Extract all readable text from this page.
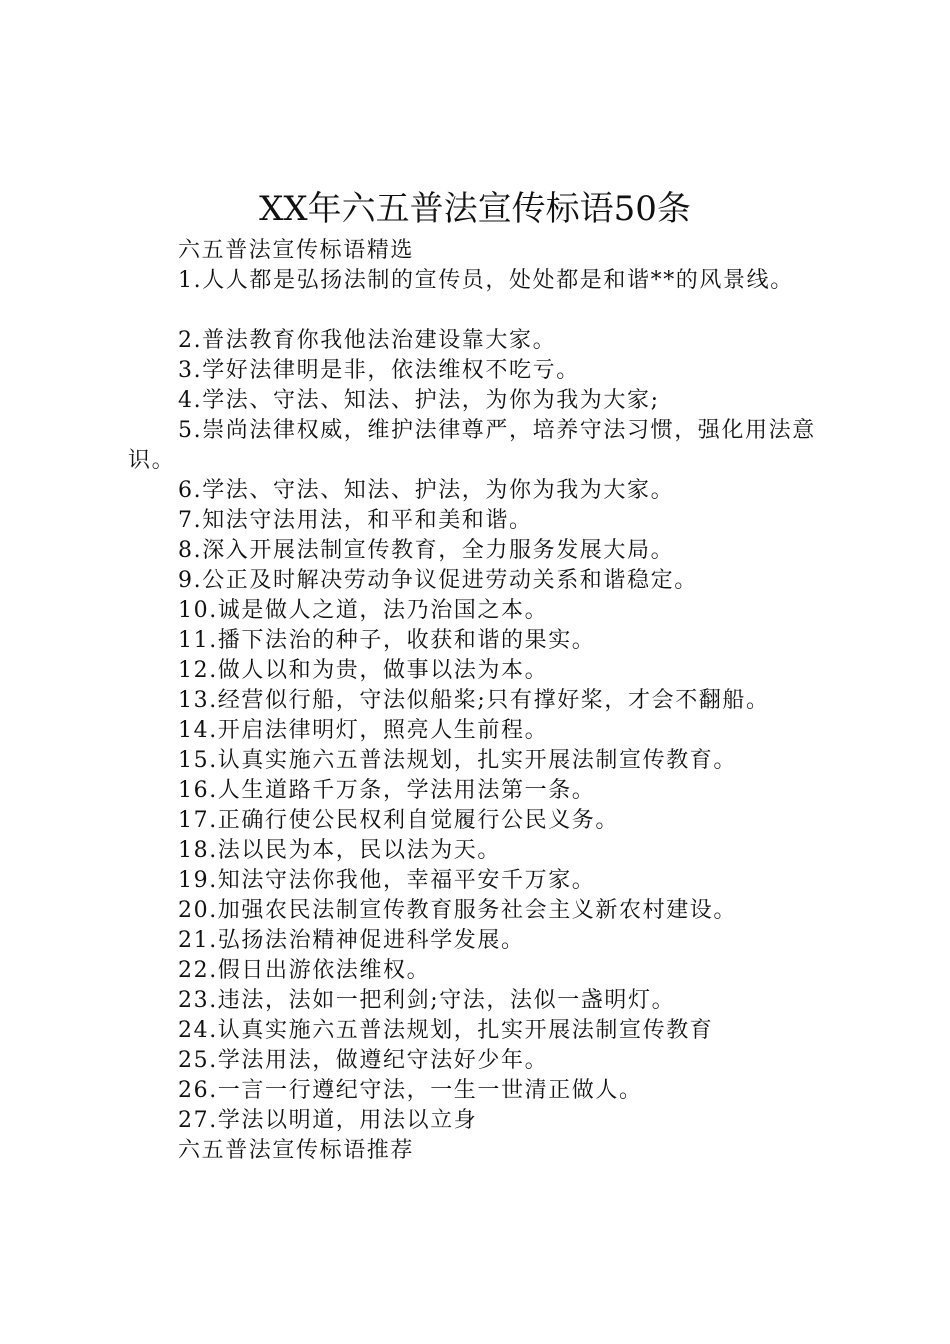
XX年六五普法宣传标语50条

六五普法宣传标语精选

1.人人都是弘扬法制的宣传员，处处都是和谐**的风景线。

2.普法教育你我他法治建设靠大家。

3.学好法律明是非，依法维权不吃亏。

4.学法、守法、知法、护法，为你为我为大家;

5.崇尚法律权威，维护法律尊严，培养守法习惯，强化用法意识。

6.学法、守法、知法、护法，为你为我为大家。

7.知法守法用法，和平和美和谐。

8.深入开展法制宣传教育，全力服务发展大局。

9.公正及时解决劳动争议促进劳动关系和谐稳定。

10.诚是做人之道，法乃治国之本。

11.播下法治的种子，收获和谐的果实。

12.做人以和为贵，做事以法为本。

13.经营似行船，守法似船桨;只有撑好桨，才会不翻船。

14.开启法律明灯，照亮人生前程。

15.认真实施六五普法规划，扎实开展法制宣传教育。

16.人生道路千万条，学法用法第一条。

17.正确行使公民权利自觉履行公民义务。

18.法以民为本，民以法为天。

19.知法守法你我他，幸福平安千万家。

20.加强农民法制宣传教育服务社会主义新农村建设。

21.弘扬法治精神促进科学发展。

22.假日出游依法维权。

23.违法，法如一把利剑;守法，法似一盏明灯。

24.认真实施六五普法规划，扎实开展法制宣传教育

25.学法用法，做遵纪守法好少年。

26.一言一行遵纪守法，一生一世清正做人。

27.学法以明道，用法以立身

六五普法宣传标语推荐
